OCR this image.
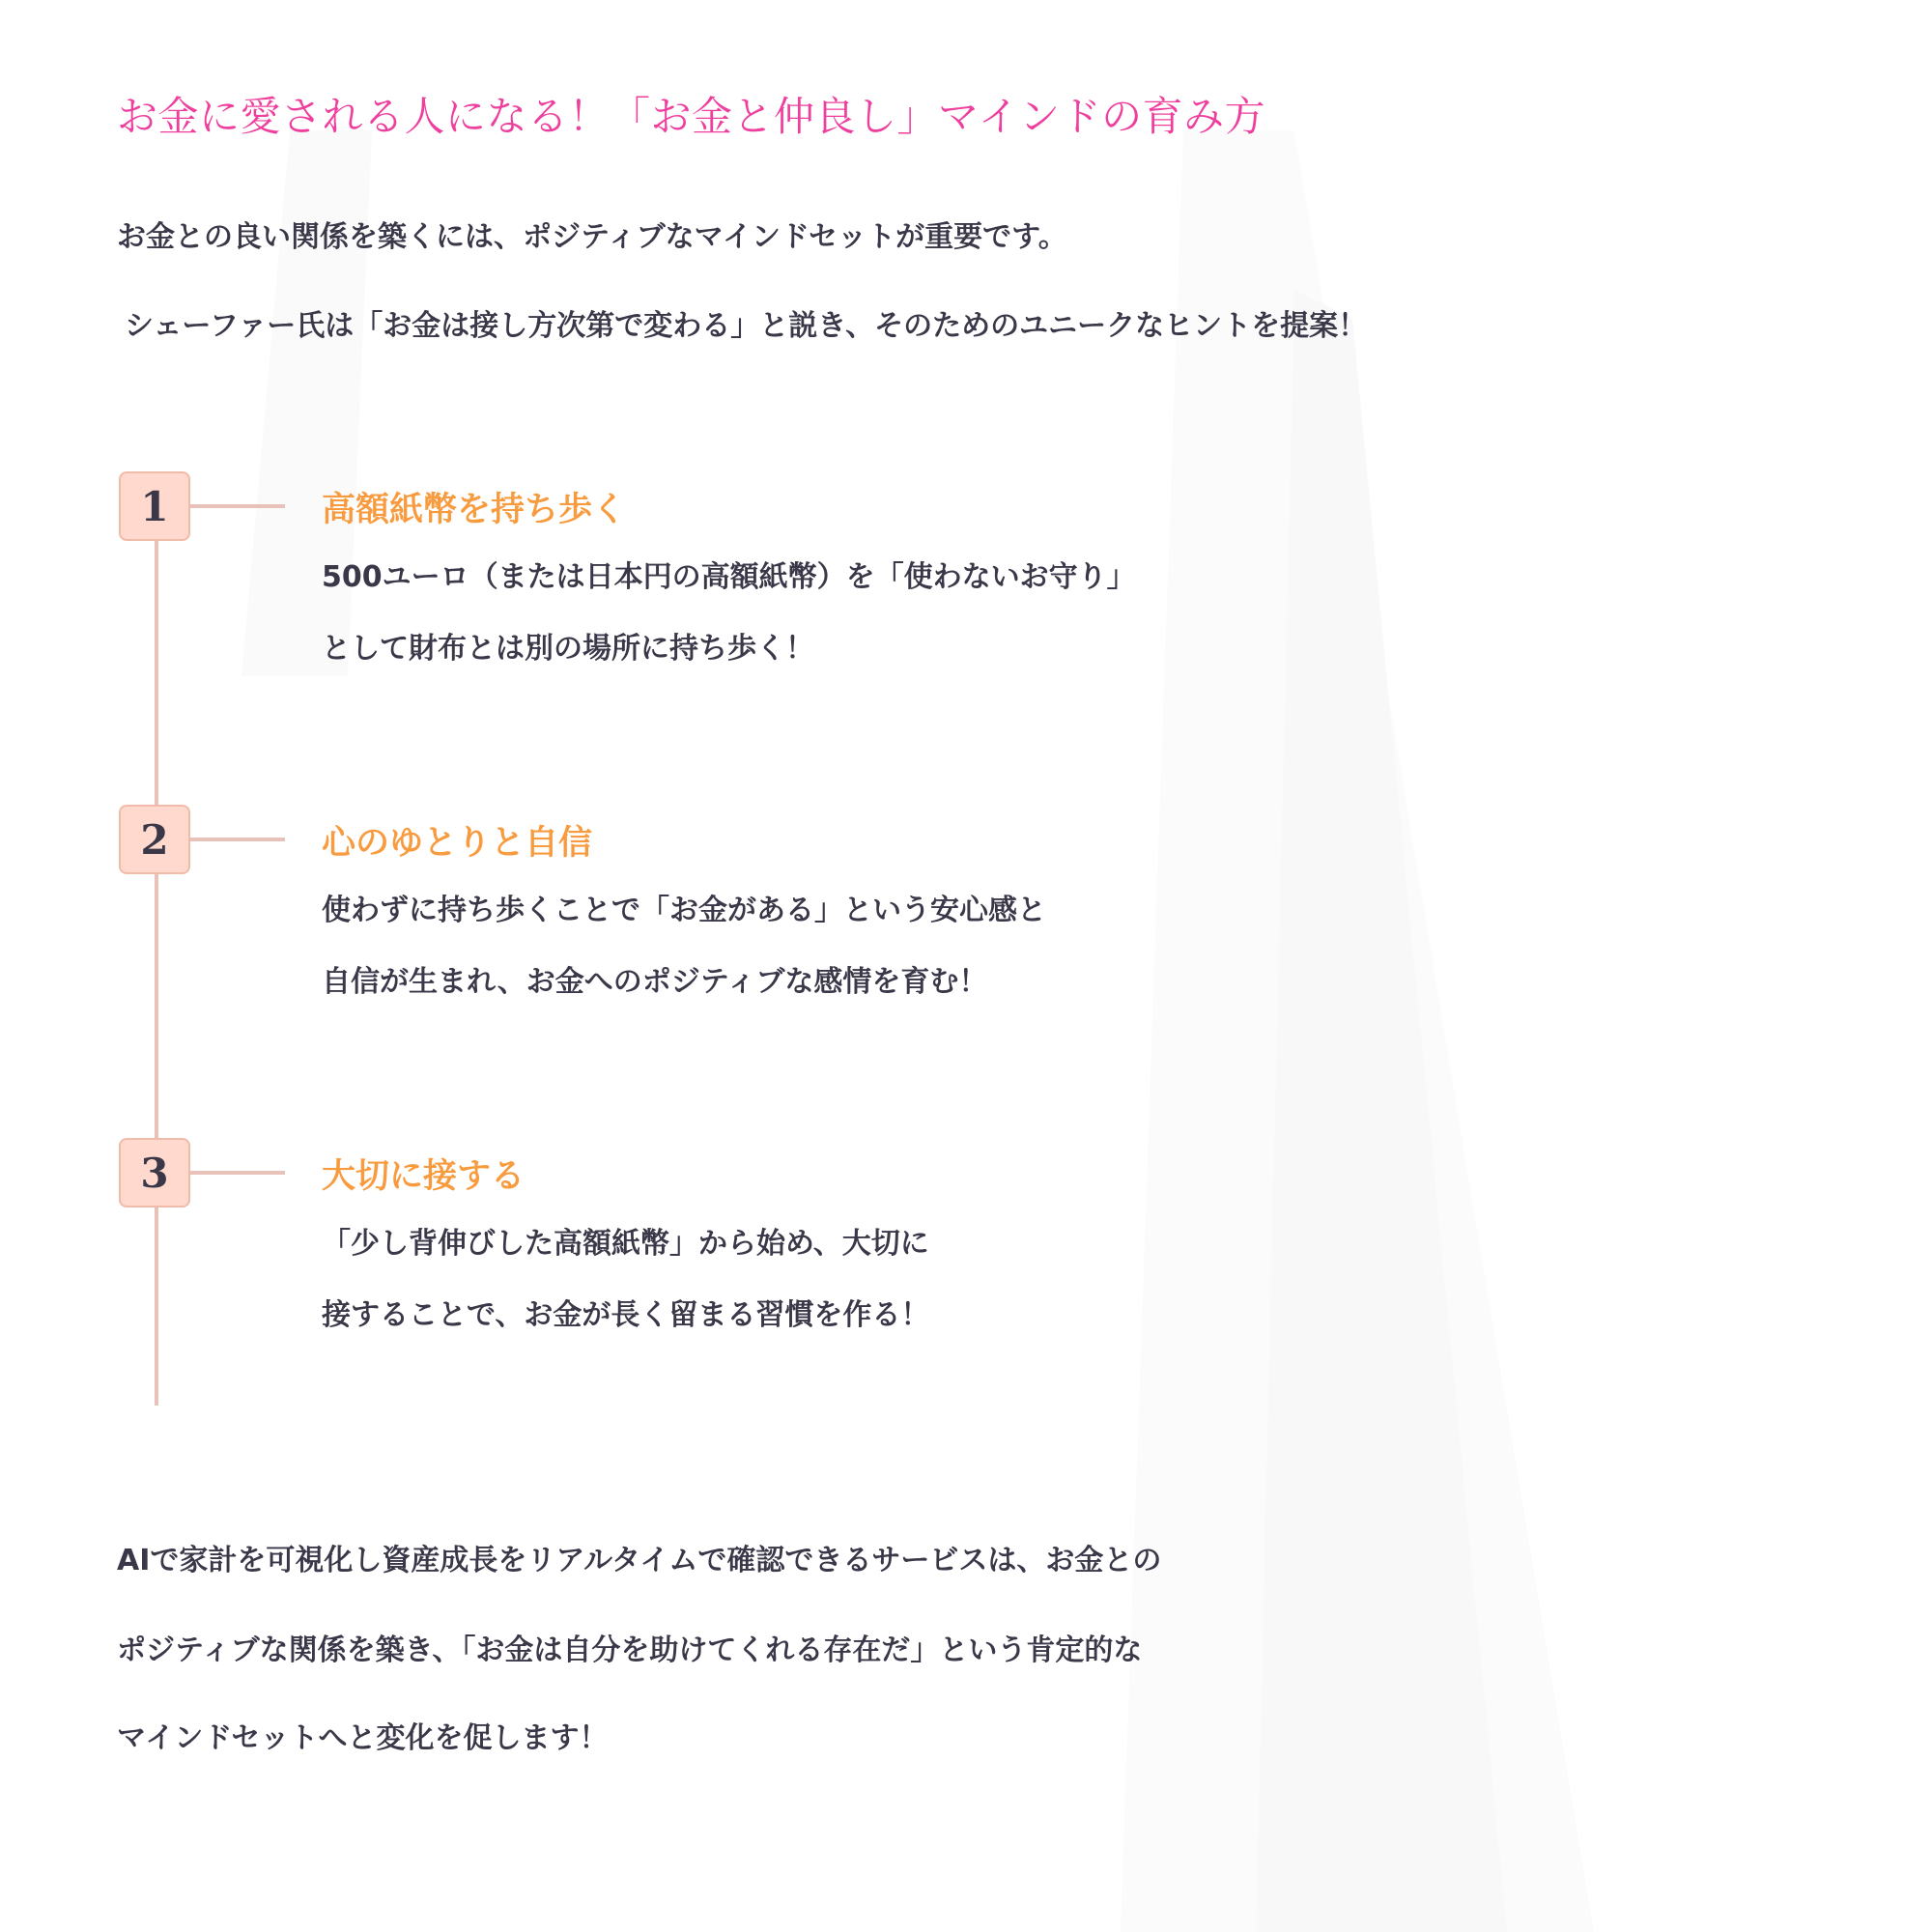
お金に愛される人になる！「お金と仲良し」マインドの育み方

お金との良い関係を築くには、ポジティブなマインドセットが重要です。

シェーファー氏は「お金は接し方次第で変わる」と説き、そのためのユニークなヒントを提案！

1	高額紙幣を持ち歩く

500ユーロ（または日本円の高額紙幣）を「使わないお守り」

として財布とは別の場所に持ち歩く！

2	心のゆとりと自信

使わずに持ち歩くことで「お金がある」という安心感と

自信が生まれ、お金へのポジティブな感情を育む！

3	大切に接する

「少し背伸びした高額紙幣」から始め、大切に

接することで、お金が長く留まる習慣を作る！

AIで家計を可視化し資産成長をリアルタイムで確認できるサービスは、お金との

ポジティブな関係を築き、「お金は自分を助けてくれる存在だ」という肯定的な

マインドセットへと変化を促します！
